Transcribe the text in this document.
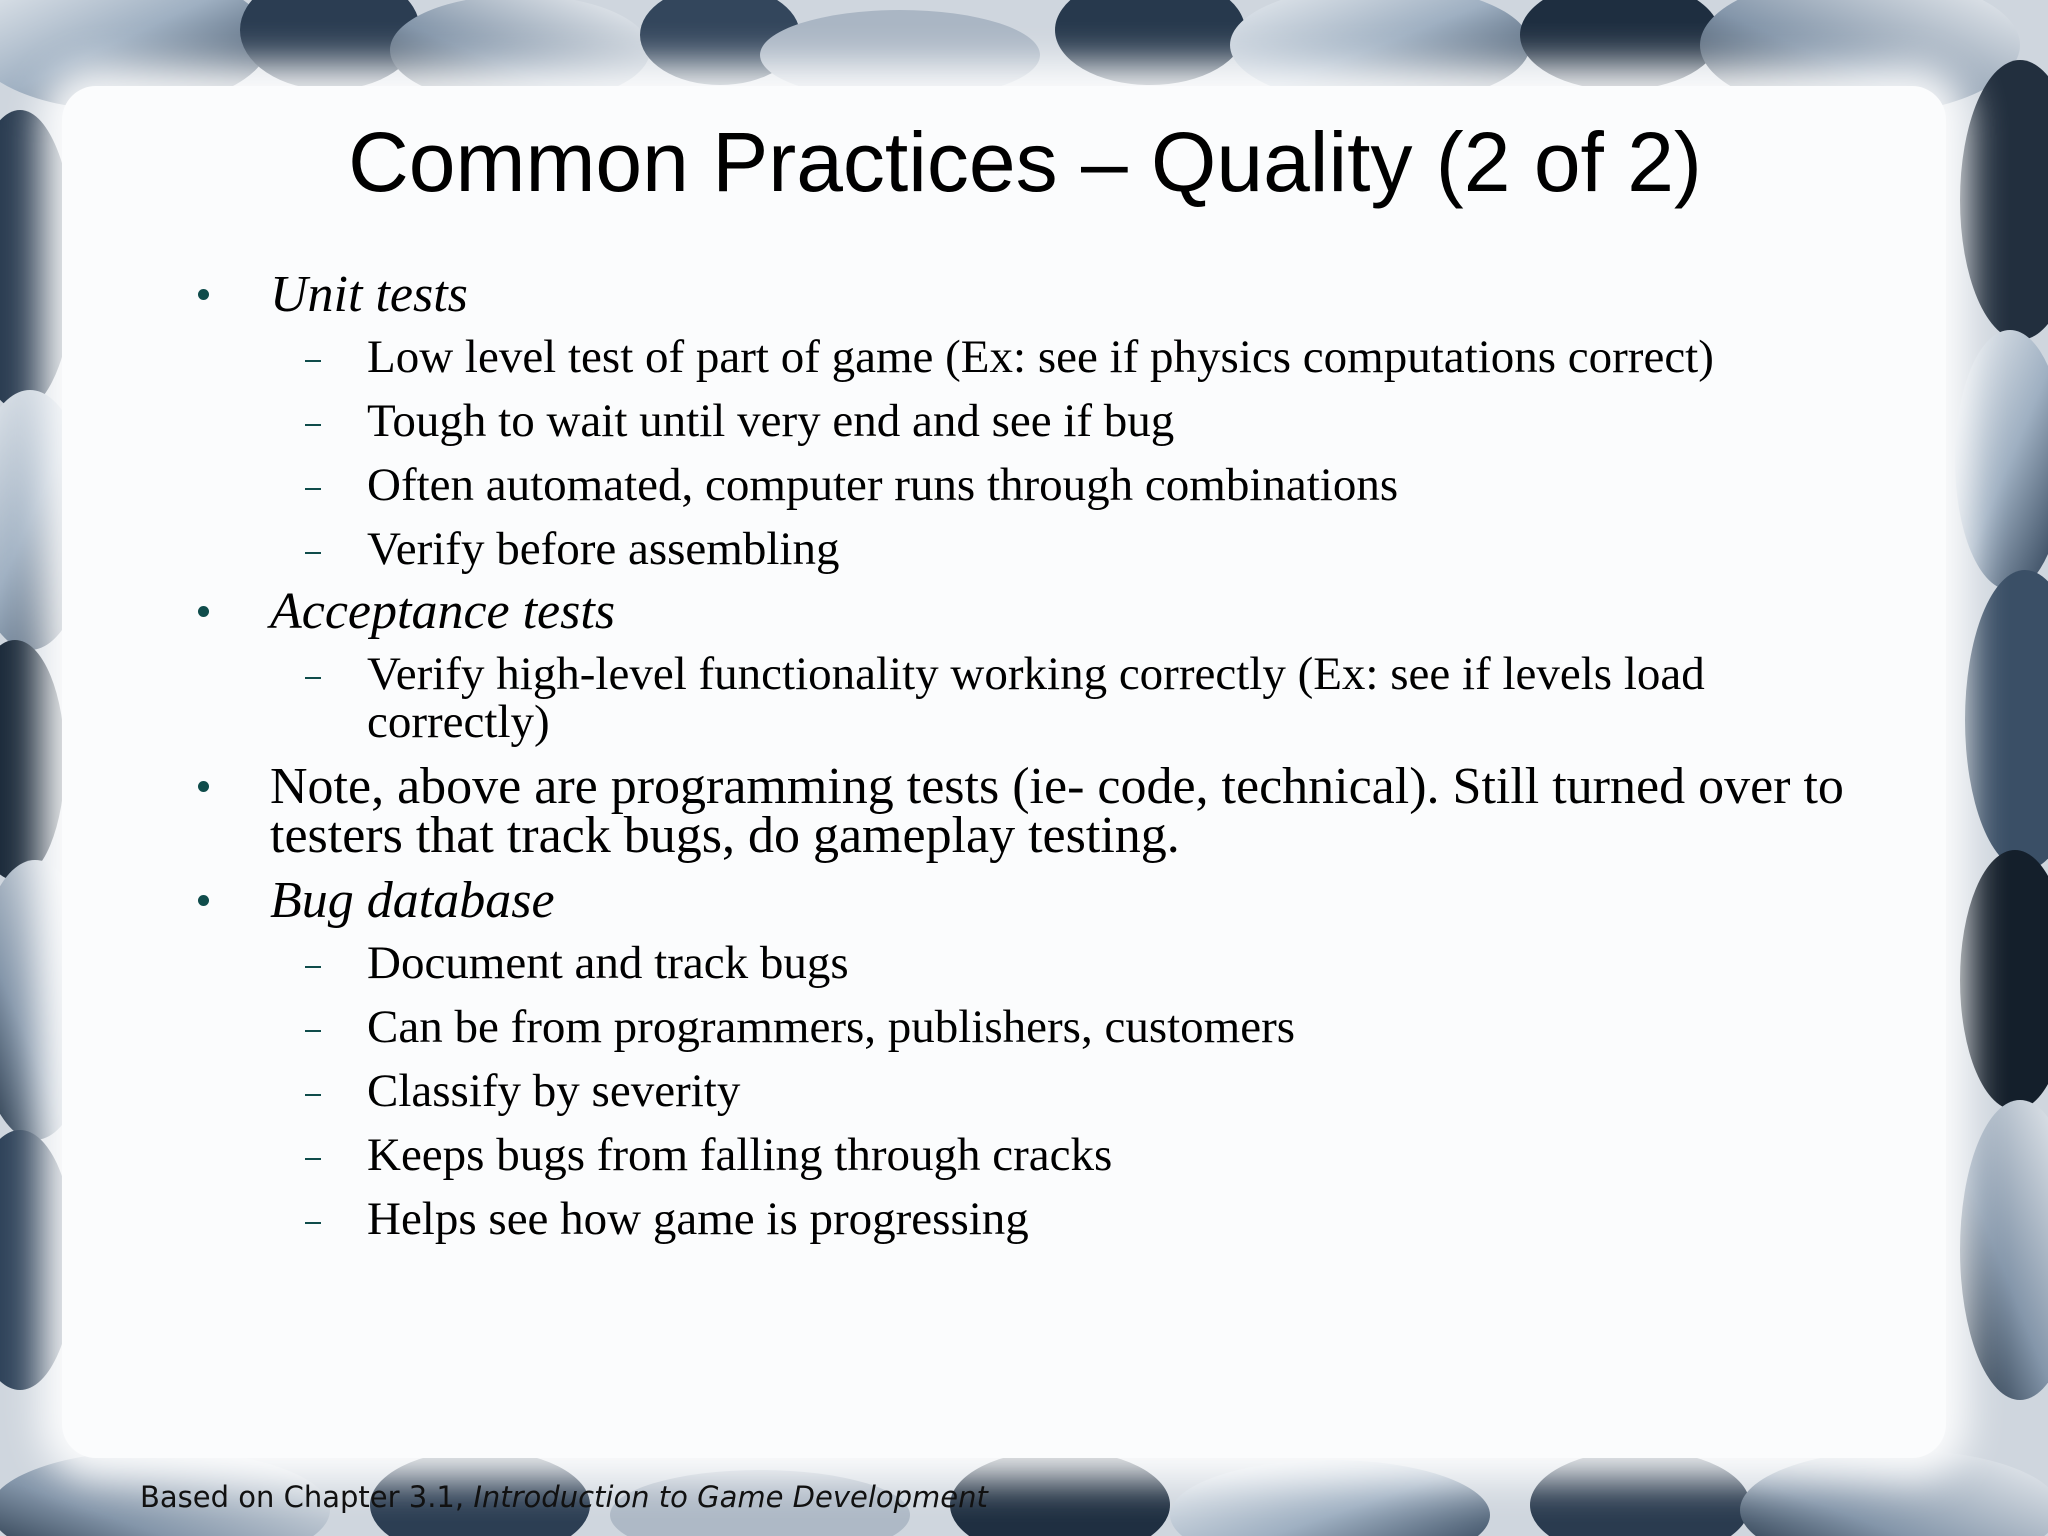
Common Practices – Quality (2 of 2)
Unit tests
Low level test of part of game (Ex: see if physics computations correct)
Tough to wait until very end and see if bug
Often automated, computer runs through combinations
Verify before assembling
Acceptance tests
Verify high-level functionality working correctly (Ex: see if levels load correctly)
Note, above are programming tests (ie- code, technical). Still turned over to testers that track bugs, do gameplay testing.
Bug database
Document and track bugs
Can be from programmers, publishers, customers
Classify by severity
Keeps bugs from falling through cracks
Helps see how game is progressing
Based on Chapter 3.1, Introduction to Game Development
